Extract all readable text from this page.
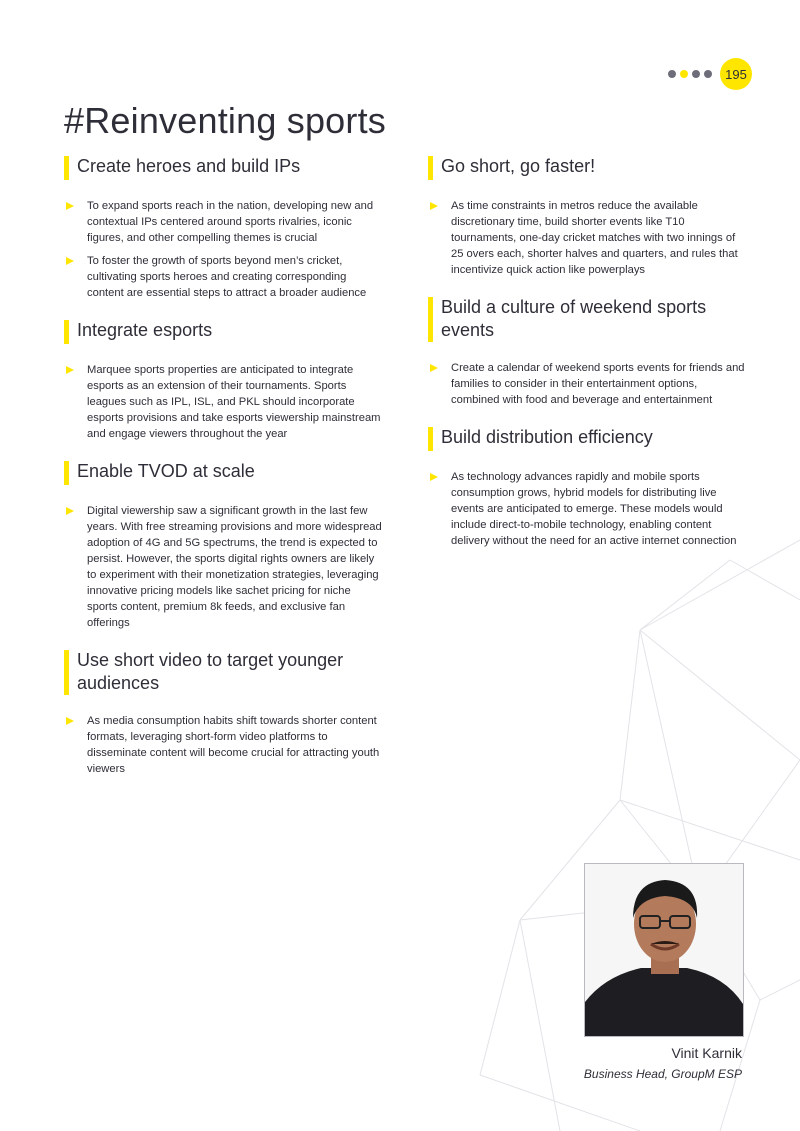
195
#Reinventing sports
Create heroes and build IPs
To expand sports reach in the nation, developing new and contextual IPs centered around sports rivalries, iconic figures, and other compelling themes is crucial
To foster the growth of sports beyond men’s cricket, cultivating sports heroes and creating corresponding content are essential steps to attract a broader audience
Integrate esports
Marquee sports properties are anticipated to integrate esports as an extension of their tournaments. Sports leagues such as IPL, ISL, and PKL should incorporate esports provisions and take esports viewership mainstream and engage viewers throughout the year
Enable TVOD at scale
Digital viewership saw a significant growth in the last few years. With free streaming provisions and more widespread adoption of 4G and 5G spectrums, the trend is expected to persist. However, the sports digital rights owners are likely to experiment with their monetization strategies, leveraging innovative pricing models like sachet pricing for niche sports content, premium 8k feeds, and exclusive fan offerings
Use short video to target younger audiences
As media consumption habits shift towards shorter content formats, leveraging short-form video platforms to disseminate content will become crucial for attracting youth viewers
Go short, go faster!
As time constraints in metros reduce the available discretionary time, build shorter events like T10 tournaments, one-day cricket matches with two innings of 25 overs each, shorter halves and quarters, and rules that incentivize quick action like powerplays
Build a culture of weekend sports events
Create a calendar of weekend sports events for friends and families to consider in their entertainment options, combined with food and beverage and entertainment
Build distribution efficiency
As technology advances rapidly and mobile sports consumption grows, hybrid models for distributing live events are anticipated to emerge. These models would include direct-to-mobile technology, enabling content delivery without the need for an active internet connection
Vinit Karnik
Business Head, GroupM ESP
